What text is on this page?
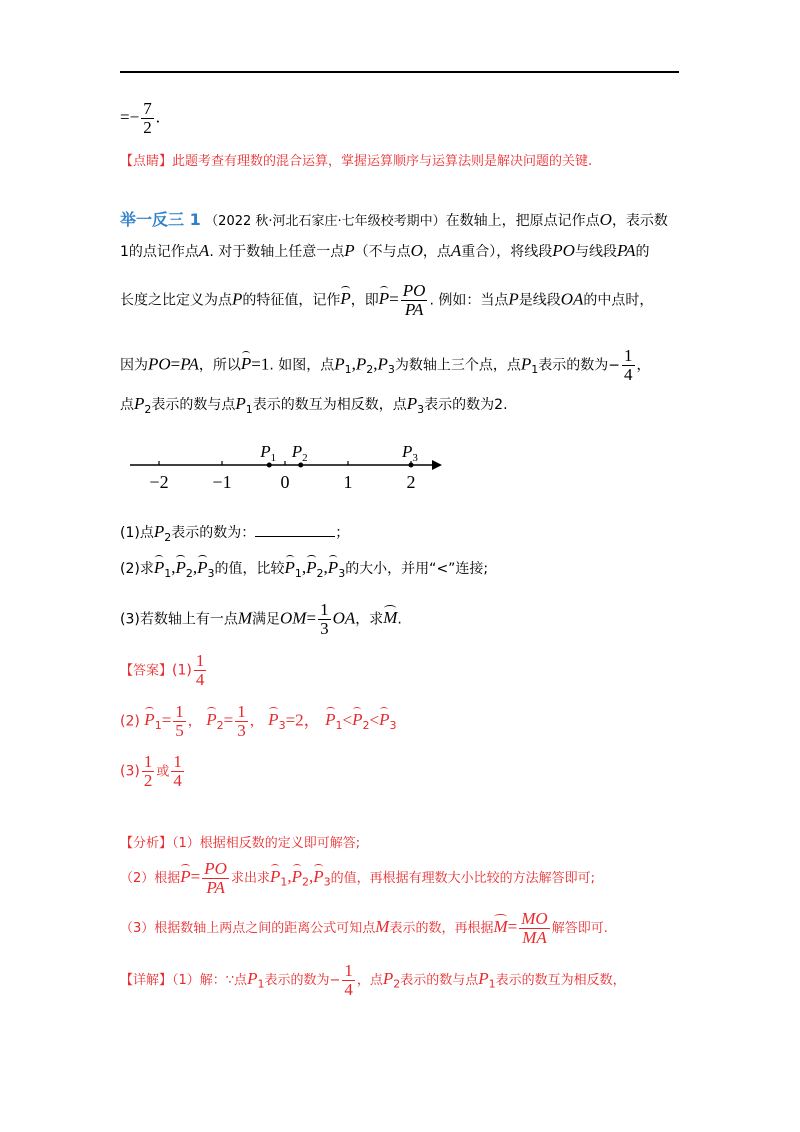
=− $\frac{7}{2}$ .
【点睛】此题考查有理数的混合运算，掌握运算顺序与运算法则是解决问题的关键.
举一反三 1 （2022 秋·河北石家庄·七年级校考期中）在数轴上，把原点记作点O，表示数
1的点记作点A. 对于数轴上任意一点P（不与点O，点A重合），将线段PO与线段PA的
长度之比定义为点P的特征值，记作P，即$P= \frac{PO}{PA}$ . 例如：当点P是线段OA的中点时，
因为PO=PA，所以P=1. 如图，点$P_1,P_2,P_3$为数轴上三个点，点$P_1$表示的数为− $\frac{1}{4}$ ，
点$P_2$表示的数与点$P_1$表示的数互为相反数，点$P_3$表示的数为2.
−2 −1	0	1	2
$P_1$ $P_2$	$P_3$
(1)点$P_2$表示的数为：	；
(2)求$P_1,P_2,P_3$的值，比较$P_1,P_2,P_3$的大小，并用“<”连接;
(3)若数轴上有一点M满足$OM= \frac{1}{3}$ OA，求M.
【答案】$(1) \frac{1}{4}$
(2) $P_1= \frac{1}{5}$ ， $P_2= \frac{1}{3}$ ， $P_3=2$， $P_1<P_2<P_3$
$(3) \frac{1}{2}$ 或 $\frac{1}{4}$
【分析】（1）根据相反数的定义即可解答;
（2）根据$P= \frac{PO}{PA}$ 求出求$P_1,P_2,P_3$的值，再根据有理数大小比较的方法解答即可;
（3）根据数轴上两点之间的距离公式可知点M表示的数，再根据$M= \frac{MO}{MA}$ 解答即可.
【详解】（1）解：∵点$P_1$表示的数为− $\frac{1}{4}$ ，点$P_2$表示的数与点$P_1$表示的数互为相反数，
